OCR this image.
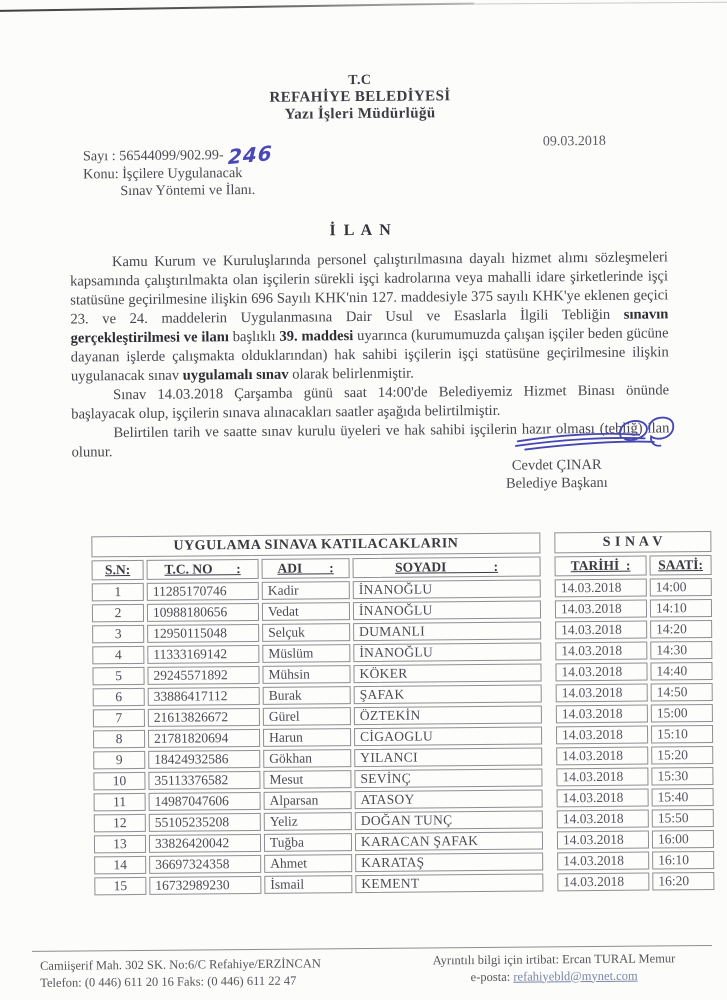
T.C
REFAHİYE BELEDİYESİ
Yazı İşleri Müdürlüğü
09.03.2018
Sayı : 56544099/902.99- 246
Konu: İşçilere Uygulanacak
Sınav Yöntemi ve İlanı.
İ L A N

Kamu Kurum ve Kuruluşlarında personel çalıştırılmasına dayalı hizmet alımı sözleşmeleri kapsamında çalıştırılmakta olan işçilerin sürekli işçi kadrolarına veya mahalli idare şirketlerinde işçi statüsüne geçirilmesine ilişkin 696 Sayılı KHK'nin 127. maddesiyle 375 sayılı KHK'ye eklenen geçici 23. ve 24. maddelerin Uygulanmasına Dair Usul ve Esaslarla İlgili Tebliğin sınavın gerçekleştirilmesi ve ilanı başlıklı 39. maddesi uyarınca (kurumumuzda çalışan işçiler beden gücüne dayanan işlerde çalışmakta olduklarından) hak sahibi işçilerin işçi statüsüne geçirilmesine ilişkin uygulanacak sınav uygulamalı sınav olarak belirlenmiştir.

Sınav 14.03.2018 Çarşamba günü saat 14:00'de Belediyemiz Hizmet Binası önünde başlayacak olup, işçilerin sınava alınacakları saatler aşağıda belirtilmiştir.

Belirtilen tarih ve saatte sınav kurulu üyeleri ve hak sahibi işçilerin hazır olması (tebliğ) ilan olunur.

Cevdet ÇINAR
Belediye Başkanı
UYGULAMA SINAVA KATILACAKLARIN					S I N A V	
S.N:	T.C. NO       :	ADI        :	SOYADI              :		TARİHİ  :	SAATİ:
1	11285170746	Kadir	İNANOĞLU		14.03.2018	14:00
2	10988180656	Vedat	İNANOĞLU		14.03.2018	14:10
3	12950115048	Selçuk	DUMANLI		14.03.2018	14:20
4	11333169142	Müslüm	İNANOĞLU		14.03.2018	14:30
5	29245571892	Mühsin	KÖKER		14.03.2018	14:40
6	33886417112	Burak	ŞAFAK		14.03.2018	14:50
7	21613826672	Gürel	ÖZTEKİN		14.03.2018	15:00
8	21781820694	Harun	CİGAOGLU		14.03.2018	15:10
9	18424932586	Gökhan	YILANCI		14.03.2018	15:20
10	35113376582	Mesut	SEVİNÇ		14.03.2018	15:30
11	14987047606	Alparsan	ATASOY		14.03.2018	15:40
12	55105235208	Yeliz	DOĞAN TUNÇ		14.03.2018	15:50
13	33826420042	Tuğba	KARACAN ŞAFAK		14.03.2018	16:00
14	36697324358	Ahmet	KARATAŞ		14.03.2018	16:10
15	16732989230	İsmail	KEMENT		14.03.2018	16:20
Camiişerif Mah. 302 SK. No:6/C Refahiye/ERZİNCAN
Telefon: (0 446) 611 20 16 Faks: (0 446) 611 22 47
Ayrıntılı bilgi için irtibat: Ercan TURAL Memur
e-posta: refahiyebld@mynet.com
